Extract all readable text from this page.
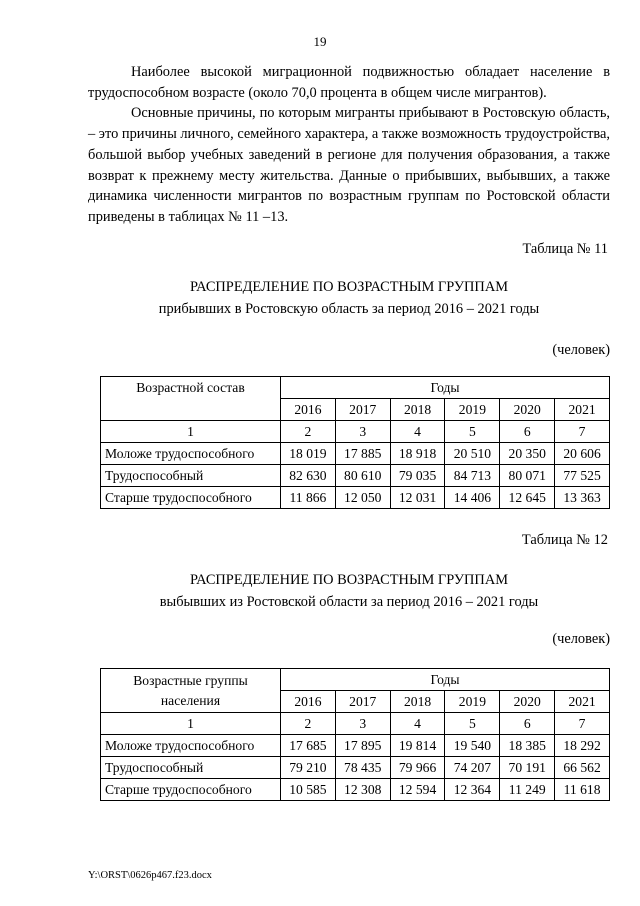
19

Наиболее высокой миграционной подвижностью обладает население в трудоспособном возрасте (около 70,0 процента в общем числе мигрантов).

Основные причины, по которым мигранты прибывают в Ростовскую область, – это причины личного, семейного характера, а также возможность трудоустройства, большой выбор учебных заведений в регионе для получения образования, а также возврат к прежнему месту жительства. Данные о прибывших, выбывших, а также динамика численности мигрантов по возрастным группам по Ростовской области приведены в таблицах № 11 –13.

Таблица № 11
РАСПРЕДЕЛЕНИЕ ПО ВОЗРАСТНЫМ ГРУППАМ
прибывших в Ростовскую область за период 2016 – 2021 годы
(человек)
Возрастной состав	Годы					
	2016	2017	2018	2019	2020	2021
1	2	3	4	5	6	7
Моложе трудоспособного	18 019	17 885	18 918	20 510	20 350	20 606
Трудоспособный	82 630	80 610	79 035	84 713	80 071	77 525
Старше трудоспособного	11 866	12 050	12 031	14 406	12 645	13 363
Таблица № 12
РАСПРЕДЕЛЕНИЕ ПО ВОЗРАСТНЫМ ГРУППАМ
выбывших из Ростовской области за период 2016 – 2021 годы
(человек)
Возрастные группы
населения	Годы					
	2016	2017	2018	2019	2020	2021
1	2	3	4	5	6	7
Моложе трудоспособного	17 685	17 895	19 814	19 540	18 385	18 292
Трудоспособный	79 210	78 435	79 966	74 207	70 191	66 562
Старше трудоспособного	10 585	12 308	12 594	12 364	11 249	11 618
Y:\ORST\0626p467.f23.docx
